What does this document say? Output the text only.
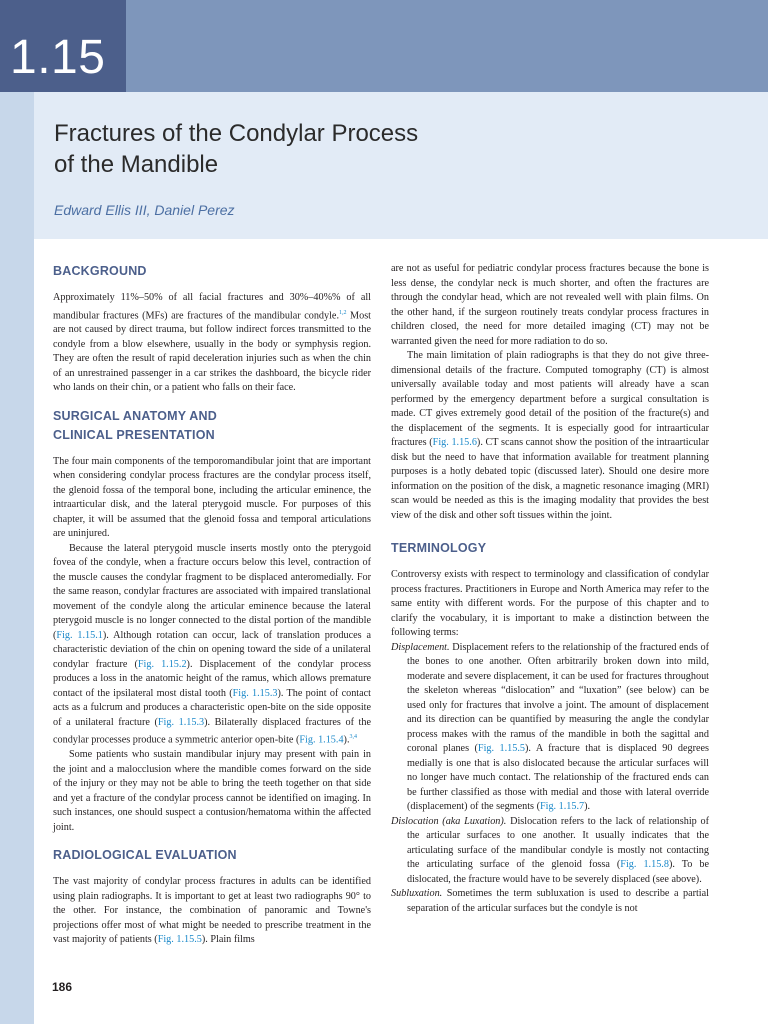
1.15
Fractures of the Condylar Process
of the Mandible
Edward Ellis III, Daniel Perez
BACKGROUND

Approximately 11%–50% of all facial fractures and 30%–40%% of all mandibular fractures (MFs) are fractures of the mandibular condyle.$^{1,2}$ Most are not caused by direct trauma, but follow indirect forces transmitted to the condyle from a blow elsewhere, usually in the body or symphysis region. They are often the result of rapid deceleration injuries such as when the chin of an unrestrained passenger in a car strikes the dashboard, the bicycle rider who lands on their chin, or a patient who falls on their face.

SURGICAL ANATOMY AND
CLINICAL PRESENTATION

The four main components of the temporomandibular joint that are important when considering condylar process fractures are the condylar process itself, the glenoid fossa of the temporal bone, including the articular eminence, the intraarticular disk, and the lateral pterygoid muscle. For purposes of this chapter, it will be assumed that the glenoid fossa and temporal articulations are uninjured.

Because the lateral pterygoid muscle inserts mostly onto the pterygoid fovea of the condyle, when a fracture occurs below this level, contraction of the muscle causes the condylar fragment to be displaced anteromedially. For the same reason, condylar fractures are associated with impaired translational movement of the condyle along the articular eminence because the lateral pterygoid muscle is no longer connected to the distal portion of the mandible (Fig. 1.15.1). Although rotation can occur, lack of translation produces a characteristic deviation of the chin on opening toward the side of a unilateral condylar fracture (Fig. 1.15.2). Displacement of the condylar process produces a loss in the anatomic height of the ramus, which allows premature contact of the ipsilateral most distal tooth (Fig. 1.15.3). The point of contact acts as a fulcrum and produces a characteristic open-bite on the side opposite of a unilateral fracture (Fig. 1.15.3). Bilaterally displaced fractures of the condylar processes produce a symmetric anterior open-bite (Fig. 1.15.4).$^{3,4}$

Some patients who sustain mandibular injury may present with pain in the joint and a malocclusion where the mandible comes forward on the side of the injury or they may not be able to bring the teeth together on that side and yet a fracture of the condylar process cannot be identified on imaging. In such instances, one should suspect a contusion/hematoma within the affected joint.

RADIOLOGICAL EVALUATION

The vast majority of condylar process fractures in adults can be identified using plain radiographs. It is important to get at least two radiographs 90° to the other. For instance, the combination of panoramic and Towne's projections offer most of what might be needed to prescribe treatment in the vast majority of patients (Fig. 1.15.5). Plain films

are not as useful for pediatric condylar process fractures because the bone is less dense, the condylar neck is much shorter, and often the fractures are through the condylar head, which are not revealed well with plain films. On the other hand, if the surgeon routinely treats condylar process fractures in children closed, the need for more detailed imaging (CT) may not be warranted given the need for more radiation to do so.

The main limitation of plain radiographs is that they do not give three-dimensional details of the fracture. Computed tomography (CT) is almost universally available today and most patients will already have a scan performed by the emergency department before a surgical consultation is made. CT gives extremely good detail of the position of the fracture(s) and the displacement of the segments. It is especially good for intraarticular fractures (Fig. 1.15.6). CT scans cannot show the position of the intraarticular disk but the need to have that information available for treatment planning purposes is a hotly debated topic (discussed later). Should one desire more information on the position of the disk, a magnetic resonance imaging (MRI) scan would be needed as this is the imaging modality that provides the best view of the disk and other soft tissues within the joint.

TERMINOLOGY

Controversy exists with respect to terminology and classification of condylar process fractures. Practitioners in Europe and North America may refer to the same entity with different words. For the purpose of this chapter and to clarify the vocabulary, it is important to make a distinction between the following terms:

Displacement. Displacement refers to the relationship of the fractured ends of the bones to one another. Often arbitrarily broken down into mild, moderate and severe displacement, it can be used for fractures throughout the skeleton whereas “dislocation” and “luxation” (see below) can be used only for fractures that involve a joint. The amount of displacement and its direction can be quantified by measuring the angle the condylar process makes with the ramus of the mandible in both the sagittal and coronal planes (Fig. 1.15.5). A fracture that is displaced 90 degrees medially is one that is also dislocated because the articular surfaces will no longer have much contact. The relationship of the fractured ends can be further classified as those with medial and those with lateral override (displacement) of the segments (Fig. 1.15.7).
Dislocation (aka Luxation). Dislocation refers to the lack of relationship of the articular surfaces to one another. It usually indicates that the articulating surface of the mandibular condyle is mostly not contacting the articulating surface of the glenoid fossa (Fig. 1.15.8). To be dislocated, the fracture would have to be severely displaced (see above).
Subluxation. Sometimes the term subluxation is used to describe a partial separation of the articular surfaces but the condyle is not
186
